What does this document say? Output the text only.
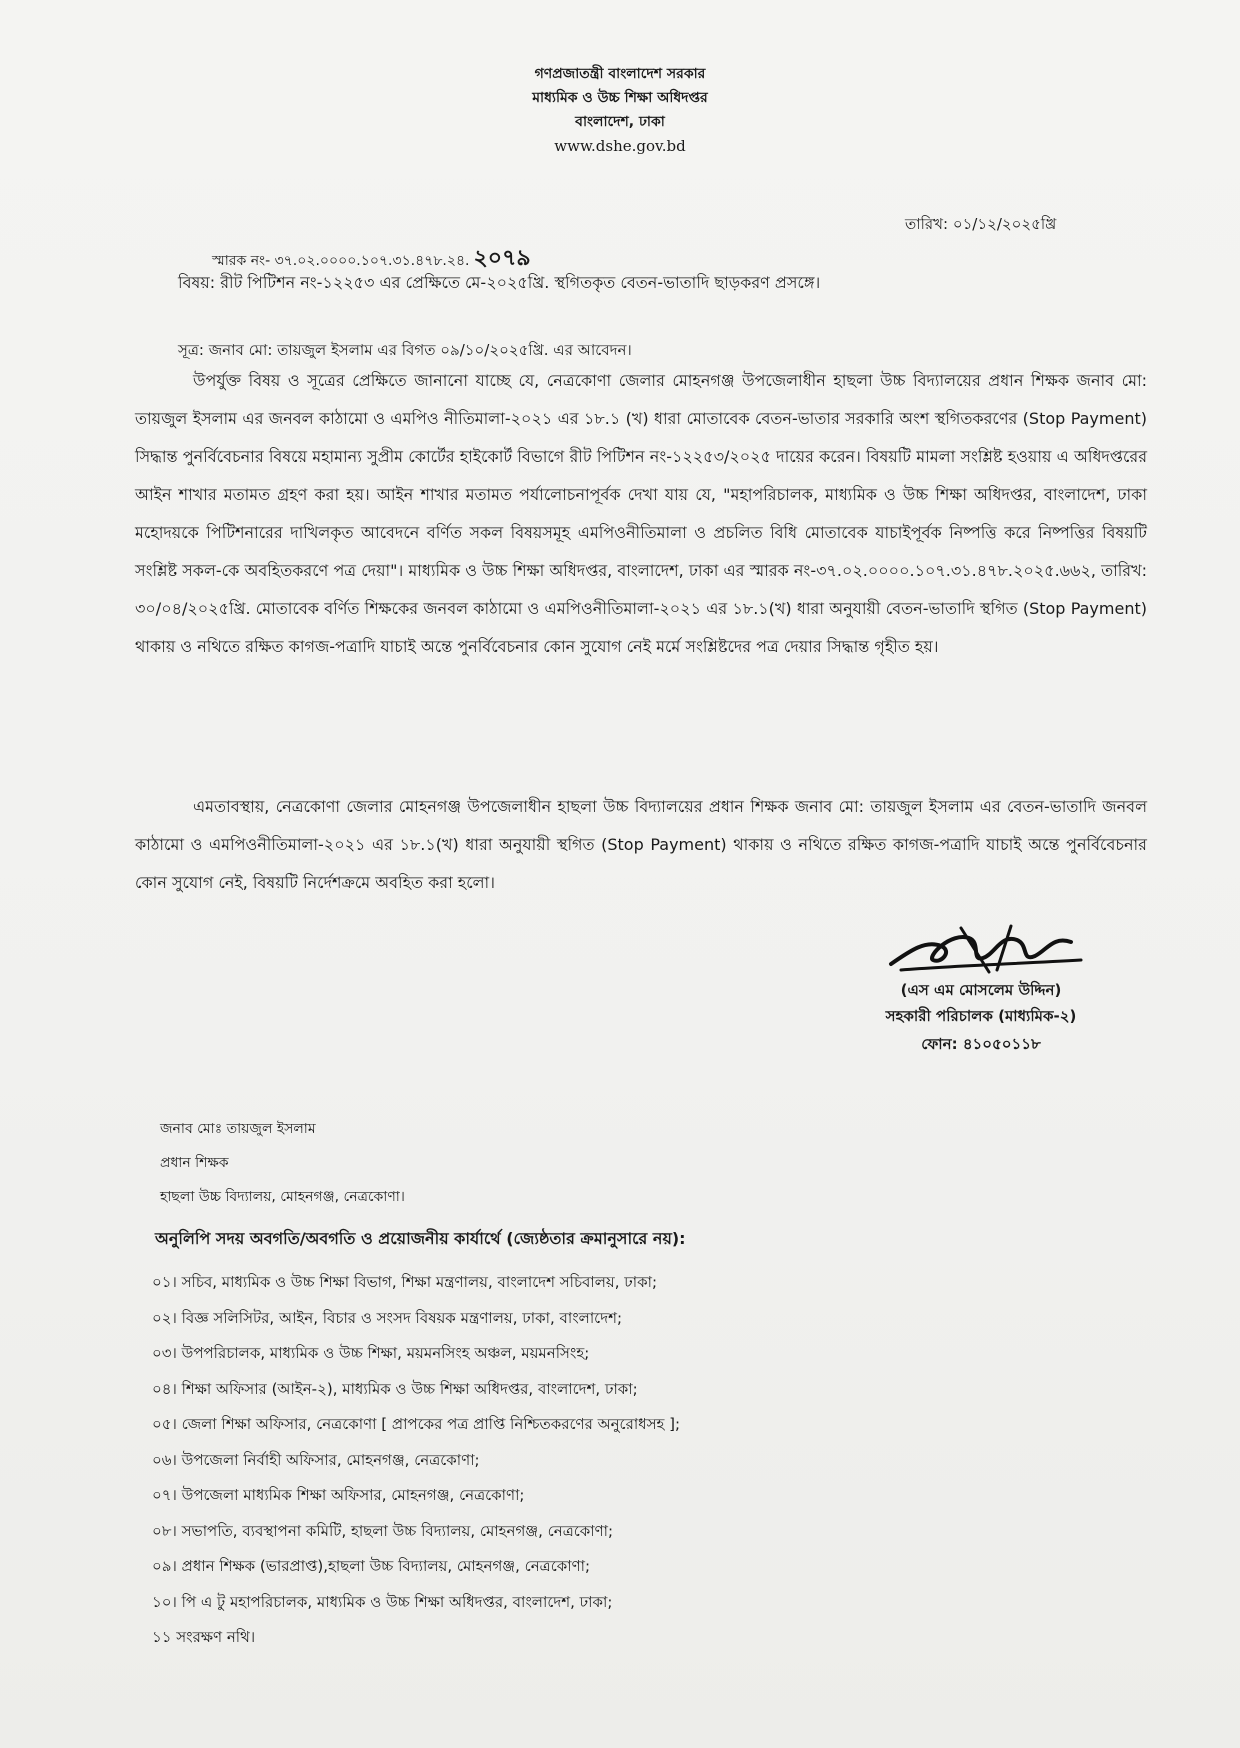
গণপ্রজাতন্ত্রী বাংলাদেশ সরকার
মাধ্যমিক ও উচ্চ শিক্ষা অধিদপ্তর
বাংলাদেশ, ঢাকা
www.dshe.gov.bd
তারিখ: ০১/১২/২০২৫খ্রি
স্মারক নং- ৩৭.০২.০০০০.১০৭.৩১.৪৭৮.২৪. ২০৭৯
বিষয়: রীট পিটিশন নং-১২২৫৩ এর প্রেক্ষিতে মে-২০২৫খ্রি. স্থগিতকৃত বেতন-ভাতাদি ছাড়করণ প্রসঙ্গে।
সূত্র: জনাব মো: তায়জুল ইসলাম এর বিগত ০৯/১০/২০২৫খ্রি. এর আবেদন।
উপর্যুক্ত বিষয় ও সূত্রের প্রেক্ষিতে জানানো যাচ্ছে যে, নেত্রকোণা জেলার মোহনগঞ্জ উপজেলাধীন হাছলা উচ্চ বিদ্যালয়ের প্রধান শিক্ষক জনাব মো: তায়জুল ইসলাম এর জনবল কাঠামো ও এমপিও নীতিমালা-২০২১ এর ১৮.১ (খ) ধারা মোতাবেক বেতন-ভাতার সরকারি অংশ স্থগিতকরণের (Stop Payment) সিদ্ধান্ত পুনর্বিবেচনার বিষয়ে মহামান্য সুপ্রীম কোর্টের হাইকোর্ট বিভাগে রীট পিটিশন নং-১২২৫৩/২০২৫ দায়ের করেন। বিষয়টি মামলা সংশ্লিষ্ট হওয়ায় এ অধিদপ্তরের আইন শাখার মতামত গ্রহণ করা হয়। আইন শাখার মতামত পর্যালোচনাপূর্বক দেখা যায় যে, "মহাপরিচালক, মাধ্যমিক ও উচ্চ শিক্ষা অধিদপ্তর, বাংলাদেশ, ঢাকা মহোদয়কে পিটিশনারের দাখিলকৃত আবেদনে বর্ণিত সকল বিষয়সমূহ এমপিওনীতিমালা ও প্রচলিত বিধি মোতাবেক যাচাইপূর্বক নিষ্পত্তি করে নিষ্পত্তির বিষয়টি সংশ্লিষ্ট সকল-কে অবহিতকরণে পত্র দেয়া"। মাধ্যমিক ও উচ্চ শিক্ষা অধিদপ্তর, বাংলাদেশ, ঢাকা এর স্মারক নং-৩৭.০২.০০০০.১০৭.৩১.৪৭৮.২০২৫.৬৬২, তারিখ: ৩০/০৪/২০২৫খ্রি. মোতাবেক বর্ণিত শিক্ষকের জনবল কাঠামো ও এমপিওনীতিমালা-২০২১ এর ১৮.১(খ) ধারা অনুযায়ী বেতন-ভাতাদি স্থগিত (Stop Payment) থাকায় ও নথিতে রক্ষিত কাগজ-পত্রাদি যাচাই অন্তে পুনর্বিবেচনার কোন সুযোগ নেই মর্মে সংশ্লিষ্টদের পত্র দেয়ার সিদ্ধান্ত গৃহীত হয়।
এমতাবস্থায়, নেত্রকোণা জেলার মোহনগঞ্জ উপজেলাধীন হাছলা উচ্চ বিদ্যালয়ের প্রধান শিক্ষক জনাব মো: তায়জুল ইসলাম এর বেতন-ভাতাদি জনবল কাঠামো ও এমপিওনীতিমালা-২০২১ এর ১৮.১(খ) ধারা অনুযায়ী স্থগিত (Stop Payment) থাকায় ও নথিতে রক্ষিত কাগজ-পত্রাদি যাচাই অন্তে পুনর্বিবেচনার কোন সুযোগ নেই, বিষয়টি নির্দেশক্রমে অবহিত করা হলো।
(এস এম মোসলেম উদ্দিন)
সহকারী পরিচালক (মাধ্যমিক-২)
ফোন: ৪১০৫০১১৮
জনাব মোঃ তায়জুল ইসলাম
প্রধান শিক্ষক
হাছলা উচ্চ বিদ্যালয়, মোহনগঞ্জ, নেত্রকোণা।
অনুলিপি সদয় অবগতি/অবগতি ও প্রয়োজনীয় কার্যার্থে (জ্যেষ্ঠতার ক্রমানুসারে নয়):
০১। সচিব, মাধ্যমিক ও উচ্চ শিক্ষা বিভাগ, শিক্ষা মন্ত্রণালয়, বাংলাদেশ সচিবালয়, ঢাকা;
০২। বিজ্ঞ সলিসিটর, আইন, বিচার ও সংসদ বিষয়ক মন্ত্রণালয়, ঢাকা, বাংলাদেশ;
০৩। উপপরিচালক, মাধ্যমিক ও উচ্চ শিক্ষা, ময়মনসিংহ অঞ্চল, ময়মনসিংহ;
০৪। শিক্ষা অফিসার (আইন-২), মাধ্যমিক ও উচ্চ শিক্ষা অধিদপ্তর, বাংলাদেশ, ঢাকা;
০৫। জেলা শিক্ষা অফিসার, নেত্রকোণা [ প্রাপকের পত্র প্রাপ্তি নিশ্চিতকরণের অনুরোধসহ ];
০৬। উপজেলা নির্বাহী অফিসার, মোহনগঞ্জ, নেত্রকোণা;
০৭। উপজেলা মাধ্যমিক শিক্ষা অফিসার, মোহনগঞ্জ, নেত্রকোণা;
০৮। সভাপতি, ব্যবস্থাপনা কমিটি, হাছলা উচ্চ বিদ্যালয়, মোহনগঞ্জ, নেত্রকোণা;
০৯। প্রধান শিক্ষক (ভারপ্রাপ্ত),হাছলা উচ্চ বিদ্যালয়, মোহনগঞ্জ, নেত্রকোণা;
১০। পি এ টু মহাপরিচালক, মাধ্যমিক ও উচ্চ শিক্ষা অধিদপ্তর, বাংলাদেশ, ঢাকা;
১১ সংরক্ষণ নথি।
